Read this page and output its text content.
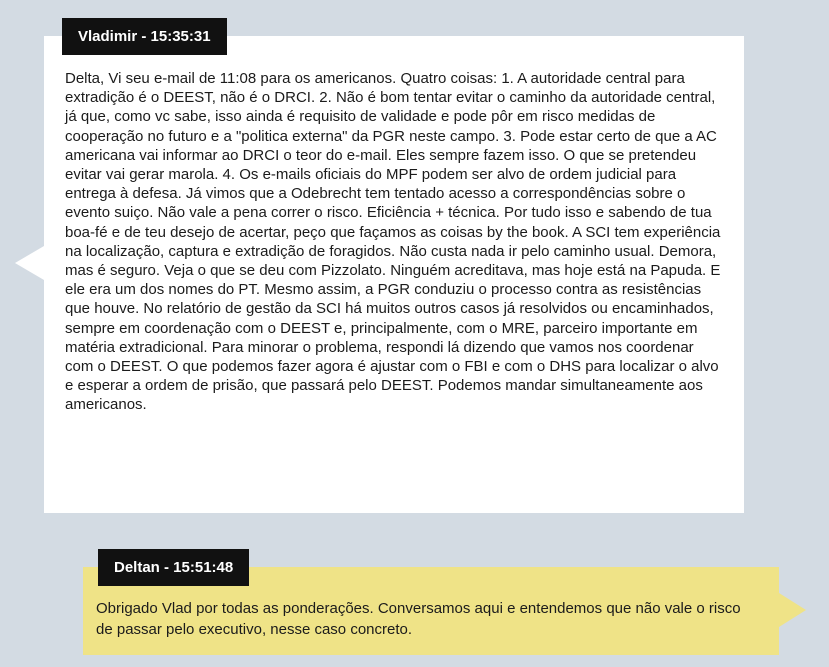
Delta, Vi seu e-mail de 11:08 para os americanos. Quatro coisas: 1. A autoridade central para extradição é o DEEST, não é o DRCI. 2. Não é bom tentar evitar o caminho da autoridade central, já que, como vc sabe, isso ainda é requisito de validade e pode pôr em risco medidas de cooperação no futuro e a "politica externa" da PGR neste campo. 3. Pode estar certo de que a AC americana vai informar ao DRCI o teor do e-mail. Eles sempre fazem isso. O que se pretendeu evitar vai gerar marola. 4. Os e-mails oficiais do MPF podem ser alvo de ordem judicial para entrega à defesa. Já vimos que a Odebrecht tem tentado acesso a correspondências sobre o evento suiço. Não vale a pena correr o risco. Eficiência + técnica. Por tudo isso e sabendo de tua boa-fé e de teu desejo de acertar, peço que façamos as coisas by the book. A SCI tem experiência na localização, captura e extradição de foragidos. Não custa nada ir pelo caminho usual. Demora, mas é seguro. Veja o que se deu com Pizzolato. Ninguém acreditava, mas hoje está na Papuda. E ele era um dos nomes do PT. Mesmo assim, a PGR conduziu o processo contra as resistências que houve. No relatório de gestão da SCI há muitos outros casos já resolvidos ou encaminhados, sempre em coordenação com o DEEST e, principalmente, com o MRE, parceiro importante em matéria extradicional. Para minorar o problema, respondi lá dizendo que vamos nos coordenar com o DEEST. O que podemos fazer agora é ajustar com o FBI e com o DHS para localizar o alvo e esperar a ordem de prisão, que passará pelo DEEST. Podemos mandar simultaneamente aos americanos.

Vladimir - 15:35:31

Obrigado Vlad por todas as ponderações. Conversamos aqui e entendemos que não vale o risco de passar pelo executivo, nesse caso concreto.

Deltan - 15:51:48
